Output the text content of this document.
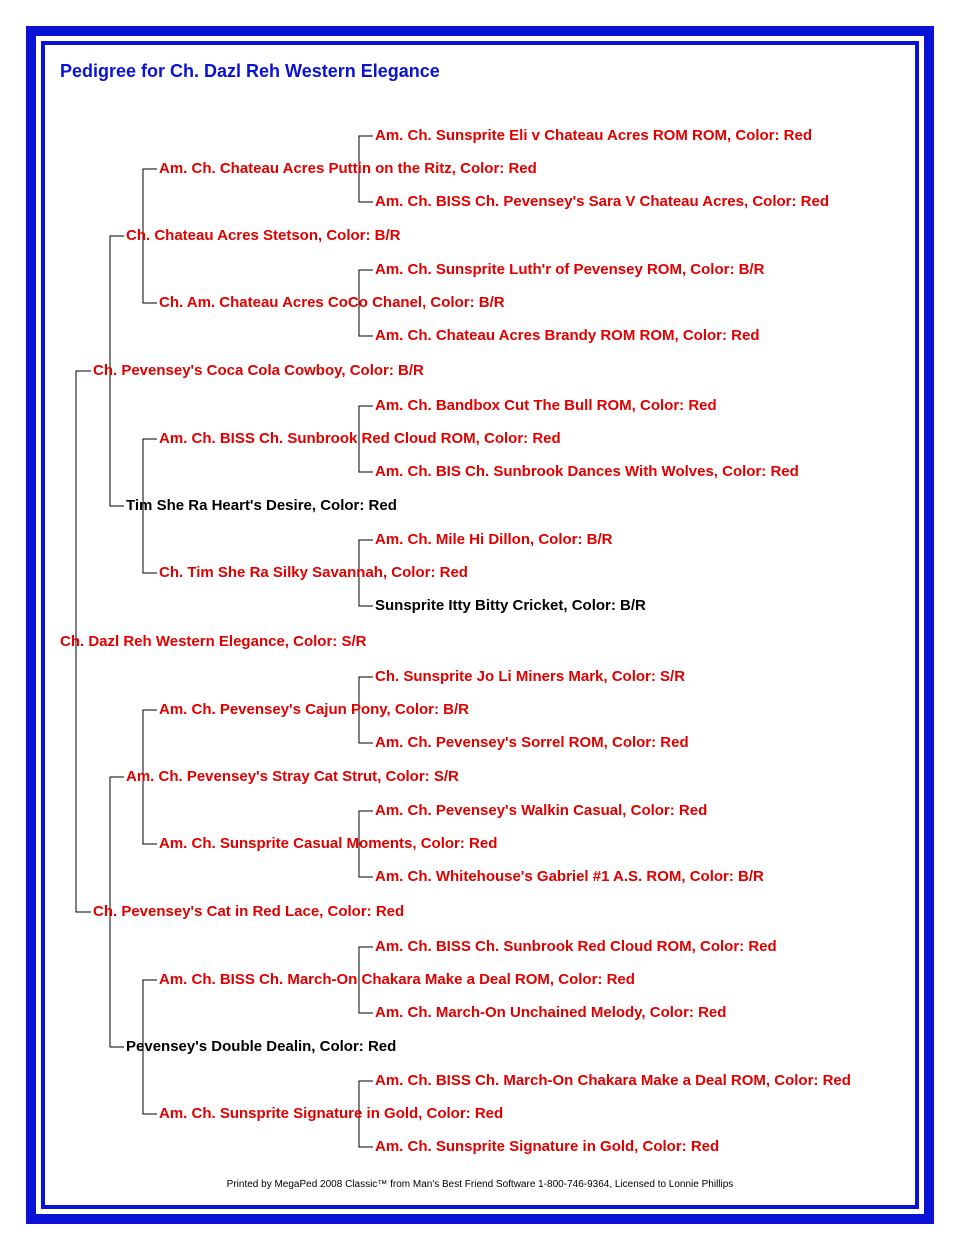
Pedigree for Ch. Dazl Reh Western Elegance
Ch. Dazl Reh Western Elegance, Color: S/R
Ch. Pevensey's Coca Cola Cowboy, Color: B/R
Ch. Pevensey's Cat in Red Lace, Color: Red
Ch. Chateau Acres Stetson, Color: B/R
Tim She Ra Heart's Desire, Color: Red
Am. Ch. Pevensey's Stray Cat Strut, Color: S/R
Pevensey's Double Dealin, Color: Red
Am. Ch. Chateau Acres Puttin on the Ritz, Color: Red
Ch. Am. Chateau Acres CoCo Chanel, Color: B/R
Am. Ch. BISS Ch. Sunbrook Red Cloud ROM, Color: Red
Ch. Tim She Ra Silky Savannah, Color: Red
Am. Ch. Pevensey's Cajun Pony, Color: B/R
Am. Ch. Sunsprite Casual Moments, Color: Red
Am. Ch. BISS Ch. March-On Chakara Make a Deal ROM, Color: Red
Am. Ch. Sunsprite Signature in Gold, Color: Red
Am. Ch. Sunsprite Eli v Chateau Acres ROM ROM, Color: Red
Am. Ch. BISS Ch. Pevensey's Sara V Chateau Acres, Color: Red
Am. Ch. Sunsprite Luth'r of Pevensey ROM, Color: B/R
Am. Ch. Chateau Acres Brandy ROM ROM, Color: Red
Am. Ch. Bandbox Cut The Bull ROM, Color: Red
Am. Ch. BIS Ch. Sunbrook Dances With Wolves, Color: Red
Am. Ch. Mile Hi Dillon, Color: B/R
Sunsprite Itty Bitty Cricket, Color: B/R
Ch. Sunsprite Jo Li Miners Mark, Color: S/R
Am. Ch. Pevensey's Sorrel ROM, Color: Red
Am. Ch. Pevensey's Walkin Casual, Color: Red
Am. Ch. Whitehouse's Gabriel #1 A.S. ROM, Color: B/R
Am. Ch. BISS Ch. Sunbrook Red Cloud ROM, Color: Red
Am. Ch. March-On Unchained Melody, Color: Red
Am. Ch. BISS Ch. March-On Chakara Make a Deal ROM, Color: Red
Am. Ch. Sunsprite Signature in Gold, Color: Red
Printed by MegaPed 2008 Classic™ from Man's Best Friend Software 1-800-746-9364, Licensed to Lonnie Phillips
